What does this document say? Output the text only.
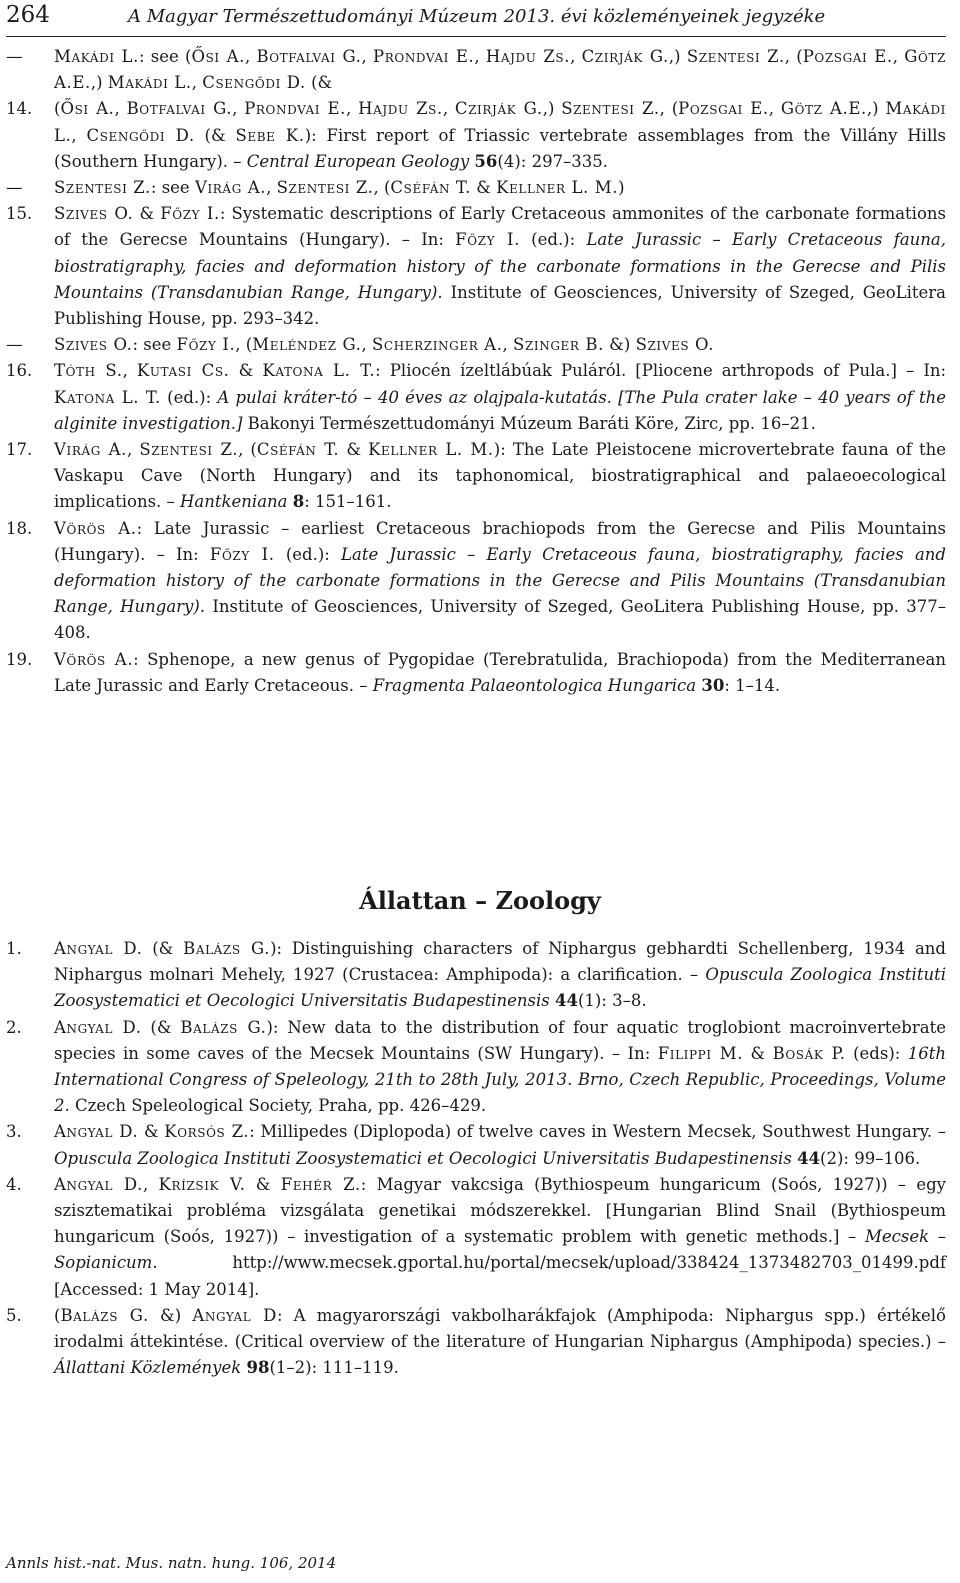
264	A Magyar Természettudományi Múzeum 2013. évi közleményeinek jegyzéke
— Makádi L.: see (Ősi A., Botfalvai G., Prondvai E., Hajdu Zs., Czirják G.,) Szentesi Z., (Pozsgai E., Götz A.E.,) Makádi L., Csengődi D. (&
14. (Ősi A., Botfalvai G., Prondvai E., Hajdu Zs., Czirják G.,) Szentesi Z., (Pozsgai E., Götz A.E.,) Makádi L., Csengődi D. (& Sebe K.): First report of Triassic vertebrate assemblages from the Villány Hills (Southern Hungary). – Central European Geology 56(4): 297–335.
— Szentesi Z.: see Virág A., Szentesi Z., (Cséfán T. & Kellner L. M.)
15. Szives O. & Főzy I.: Systematic descriptions of Early Cretaceous ammonites of the carbonate formations of the Gerecse Mountains (Hungary). – In: Főzy I. (ed.): Late Jurassic – Early Cretaceous fauna, biostratigraphy, facies and deformation history of the carbonate formations in the Gerecse and Pilis Mountains (Transdanubian Range, Hungary). Institute of Geosciences, University of Szeged, GeoLitera Publishing House, pp. 293–342.
— Szives O.: see Főzy I., (Meléndez G., Scherzinger A., Szinger B. &) Szives O.
16. Tóth S., Kutasi Cs. & Katona L. T.: Pliocén ízeltlábúak Puláról. [Pliocene arthropods of Pula.] – In: Katona L. T. (ed.): A pulai kráter-tó – 40 éves az olajpala-kutatás. [The Pula crater lake – 40 years of the alginite investigation.] Bakonyi Természettudományi Múzeum Baráti Köre, Zirc, pp. 16–21.
17. Virág A., Szentesi Z., (Cséfán T. & Kellner L. M.): The Late Pleistocene microvertebrate fauna of the Vaskapu Cave (North Hungary) and its taphonomical, biostratigraphical and palaeoecological implications. – Hantkeniana 8: 151–161.
18. Vörös A.: Late Jurassic – earliest Cretaceous brachiopods from the Gerecse and Pilis Mountains (Hungary). – In: Főzy I. (ed.): Late Jurassic – Early Cretaceous fauna, biostratigraphy, facies and deformation history of the carbonate formations in the Gerecse and Pilis Mountains (Transdanubian Range, Hungary). Institute of Geosciences, University of Szeged, GeoLitera Publishing House, pp. 377–408.
19. Vörös A.: Sphenope, a new genus of Pygopidae (Terebratulida, Brachiopoda) from the Mediterranean Late Jurassic and Early Cretaceous. – Fragmenta Palaeontologica Hungarica 30: 1–14.
Állattan – Zoology
1. Angyal D. (& Balázs G.): Distinguishing characters of Niphargus gebhardti Schellenberg, 1934 and Niphargus molnari Mehely, 1927 (Crustacea: Amphipoda): a clarification. – Opuscula Zoologica Instituti Zoosystematici et Oecologici Universitatis Budapestinensis 44(1): 3–8.
2. Angyal D. (& Balázs G.): New data to the distribution of four aquatic troglobiont macroinvertebrate species in some caves of the Mecsek Mountains (SW Hungary). – In: Filippi M. & Bosák P. (eds): 16th International Congress of Speleology, 21th to 28th July, 2013. Brno, Czech Republic, Proceedings, Volume 2. Czech Speleological Society, Praha, pp. 426–429.
3. Angyal D. & Korsós Z.: Millipedes (Diplopoda) of twelve caves in Western Mecsek, Southwest Hungary. – Opuscula Zoologica Instituti Zoosystematici et Oecologici Universitatis Budapestinensis 44(2): 99–106.
4. Angyal D., Krízsik V. & Fehér Z.: Magyar vakcsiga (Bythiospeum hungaricum (Soós, 1927)) – egy szisztematikai probléma vizsgálata genetikai módszerekkel. [Hungarian Blind Snail (Bythiospeum hungaricum (Soós, 1927)) – investigation of a systematic problem with genetic methods.] – Mecsek – Sopianicum. http://www.mecsek.gportal.hu/portal/mecsek/upload/338424_1373482703_01499.pdf [Accessed: 1 May 2014].
5. (Balázs G. &) Angyal D: A magyarországi vakbolharákfajok (Amphipoda: Niphargus spp.) értékelő irodalmi áttekintése. (Critical overview of the literature of Hungarian Niphargus (Amphipoda) species.) – Állattani Közlemények 98(1–2): 111–119.
Annls hist.-nat. Mus. natn. hung. 106, 2014
